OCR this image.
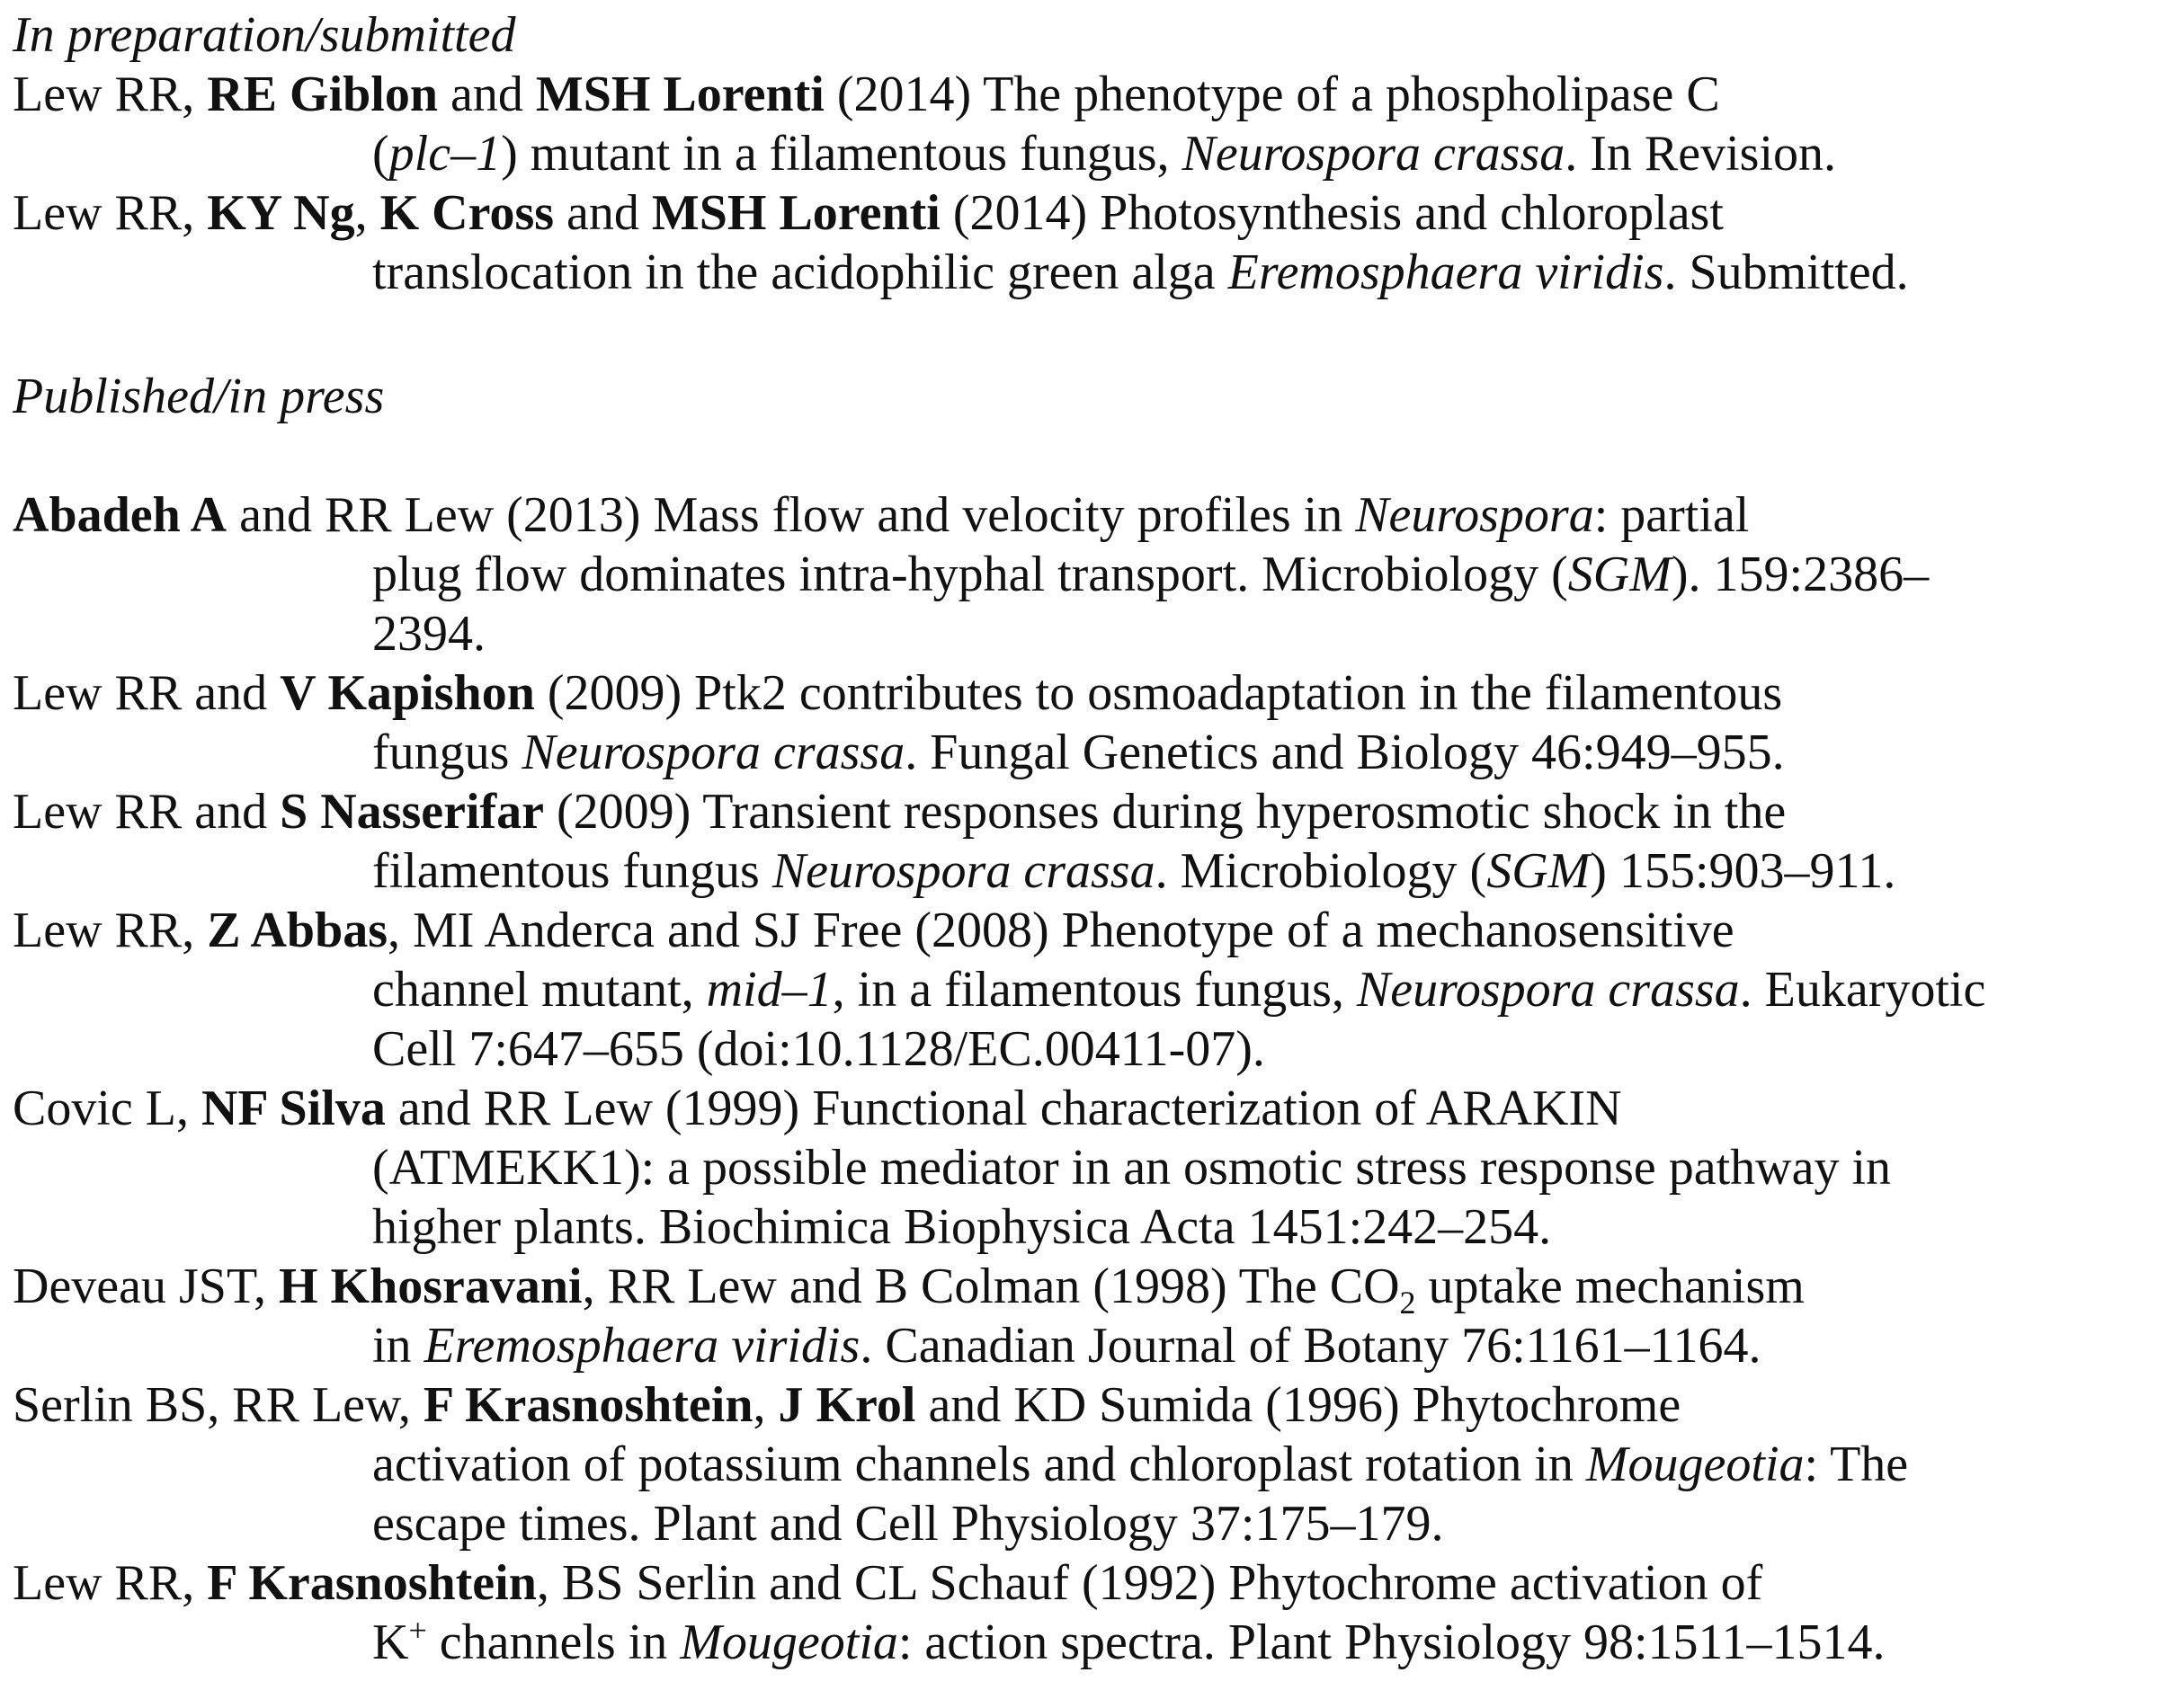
In preparation/submitted
Lew RR, RE Giblon and MSH Lorenti (2014) The phenotype of a phospholipase C
(plc–1) mutant in a filamentous fungus, Neurospora crassa. In Revision.
Lew RR, KY Ng, K Cross and MSH Lorenti (2014) Photosynthesis and chloroplast
translocation in the acidophilic green alga Eremosphaera viridis. Submitted.
Published/in press
Abadeh A and RR Lew (2013) Mass flow and velocity profiles in Neurospora: partial
plug flow dominates intra-hyphal transport. Microbiology (SGM). 159:2386–
2394.
Lew RR and V Kapishon (2009) Ptk2 contributes to osmoadaptation in the filamentous
fungus Neurospora crassa. Fungal Genetics and Biology 46:949–955.
Lew RR and S Nasserifar (2009) Transient responses during hyperosmotic shock in the
filamentous fungus Neurospora crassa. Microbiology (SGM) 155:903–911.
Lew RR, Z Abbas, MI Anderca and SJ Free (2008) Phenotype of a mechanosensitive
channel mutant, mid–1, in a filamentous fungus, Neurospora crassa. Eukaryotic
Cell 7:647–655 (doi:10.1128/EC.00411-07).
Covic L, NF Silva and RR Lew (1999) Functional characterization of ARAKIN
(ATMEKK1): a possible mediator in an osmotic stress response pathway in
higher plants. Biochimica Biophysica Acta 1451:242–254.
Deveau JST, H Khosravani, RR Lew and B Colman (1998) The $CO_2$ uptake mechanism
in Eremosphaera viridis. Canadian Journal of Botany 76:1161–1164.
Serlin BS, RR Lew, F Krasnoshtein, J Krol and KD Sumida (1996) Phytochrome
activation of potassium channels and chloroplast rotation in Mougeotia: The
escape times. Plant and Cell Physiology 37:175–179.
Lew RR, F Krasnoshtein, BS Serlin and CL Schauf (1992) Phytochrome activation of
K+ channels in Mougeotia: action spectra. Plant Physiology 98:1511–1514.
